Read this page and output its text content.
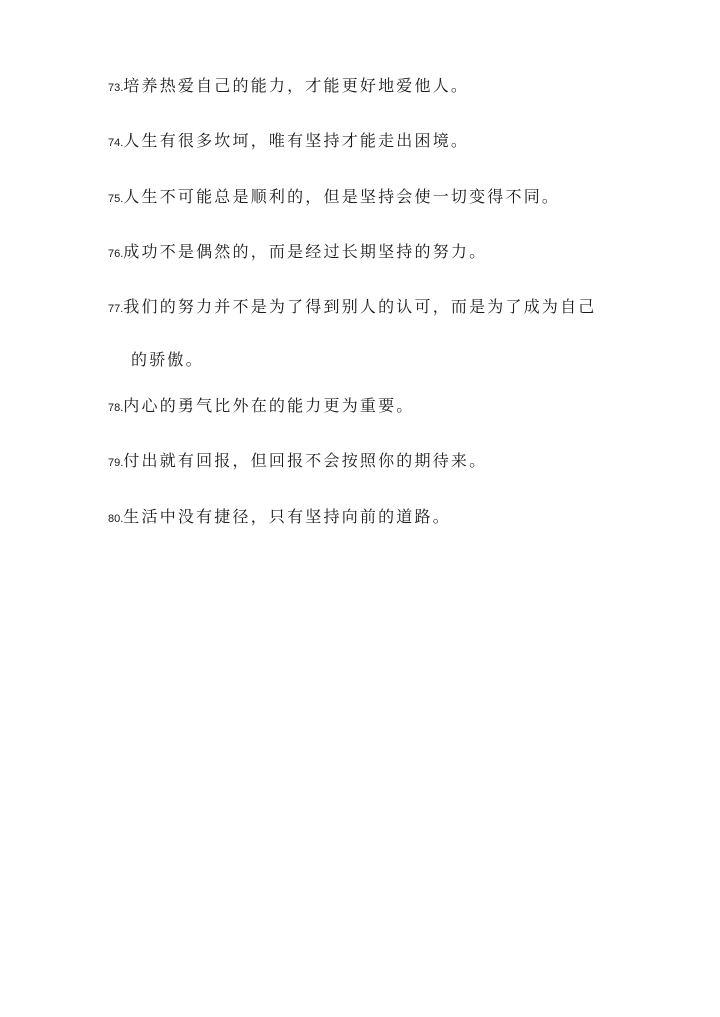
73. 培养热爱自己的能力，才能更好地爱他人。
74. 人生有很多坎坷，唯有坚持才能走出困境。
75. 人生不可能总是顺利的，但是坚持会使一切变得不同。
76. 成功不是偶然的，而是经过长期坚持的努力。
77. 我们的努力并不是为了得到别人的认可，而是为了成为自己
的骄傲。
78. 内心的勇气比外在的能力更为重要。
79. 付出就有回报，但回报不会按照你的期待来。
80. 生活中没有捷径，只有坚持向前的道路。
